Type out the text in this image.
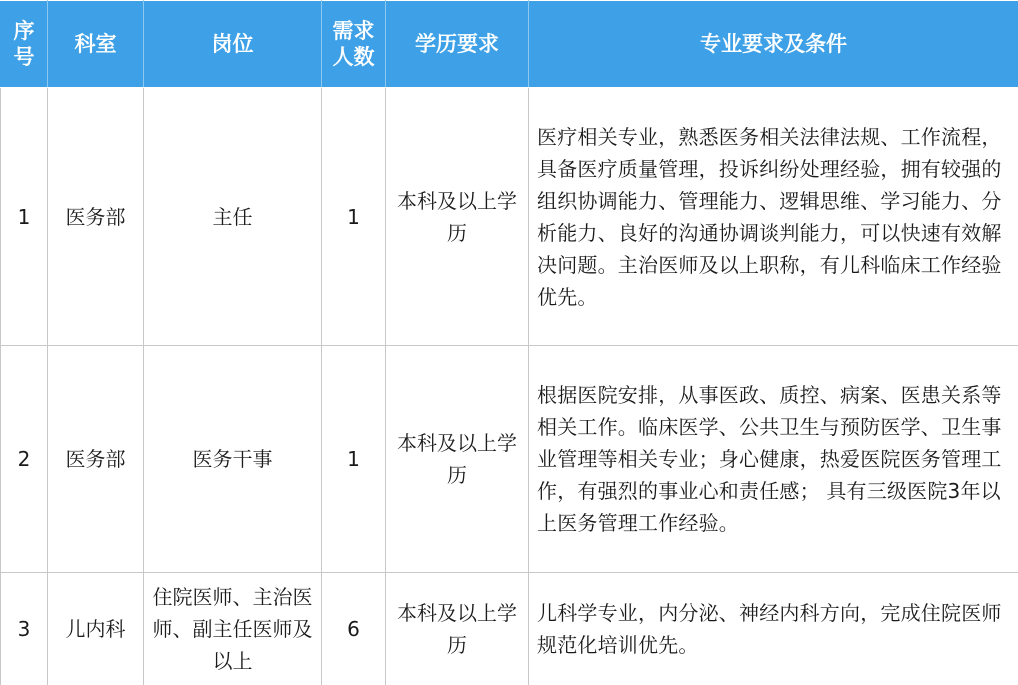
序号	科室	岗位	需求人数	学历要求	专业要求及条件
1	医务部	主任	1	本科及以上学历	医疗相关专业，熟悉医务相关法律法规、工作流程，具备医疗质量管理，投诉纠纷处理经验，拥有较强的组织协调能力、管理能力、逻辑思维、学习能力、分析能力、良好的沟通协调谈判能力，可以快速有效解决问题。主治医师及以上职称，有儿科临床工作经验优先。
2	医务部	医务干事	1	本科及以上学历	根据医院安排，从事医政、质控、病案、医患关系等相关工作。临床医学、公共卫生与预防医学、卫生事业管理等相关专业；身心健康，热爱医院医务管理工作，有强烈的事业心和责任感； 具有三级医院3年以上医务管理工作经验。
3	儿内科	住院医师、主治医师、副主任医师及以上	6	本科及以上学历	儿科学专业，内分泌、神经内科方向，完成住院医师规范化培训优先。
